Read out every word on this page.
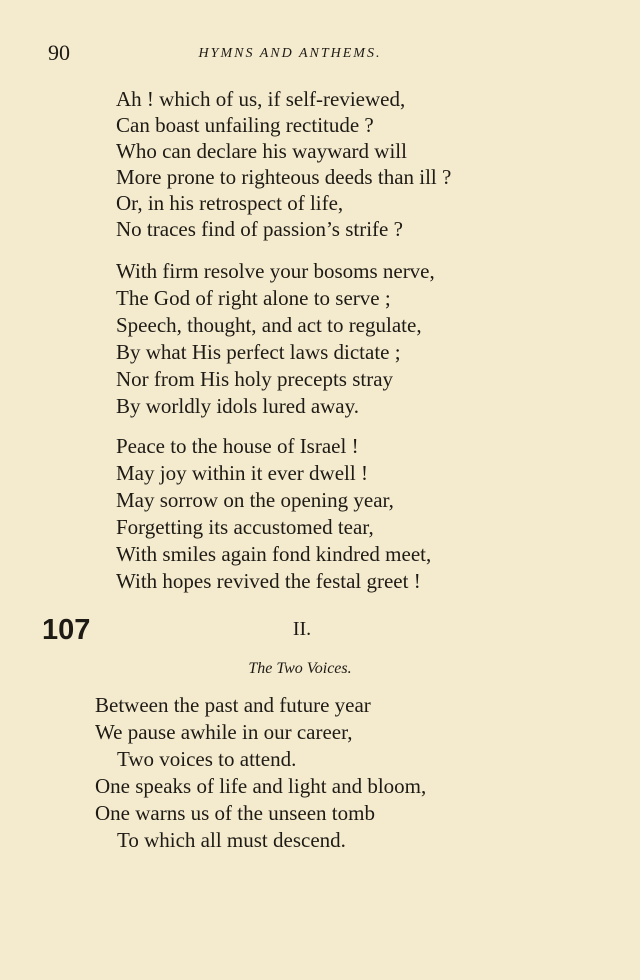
90	HYMNS AND ANTHEMS.
Ah ! which of us, if self-reviewed,
Can boast unfailing rectitude ?
Who can declare his wayward will
More prone to righteous deeds than ill ?
Or, in his retrospect of life,
No traces find of passion’s strife ?
With firm resolve your bosoms nerve,
The God of right alone to serve ;
Speech, thought, and act to regulate,
By what His perfect laws dictate ;
Nor from His holy precepts stray
By worldly idols lured away.
Peace to the house of Israel !
May joy within it ever dwell !
May sorrow on the opening year,
Forgetting its accustomed tear,
With smiles again fond kindred meet,
With hopes revived the festal greet !
107	II.
The Two Voices.
Between the past and future year
We pause awhile in our career,
Two voices to attend.
One speaks of life and light and bloom,
One warns us of the unseen tomb
To which all must descend.
